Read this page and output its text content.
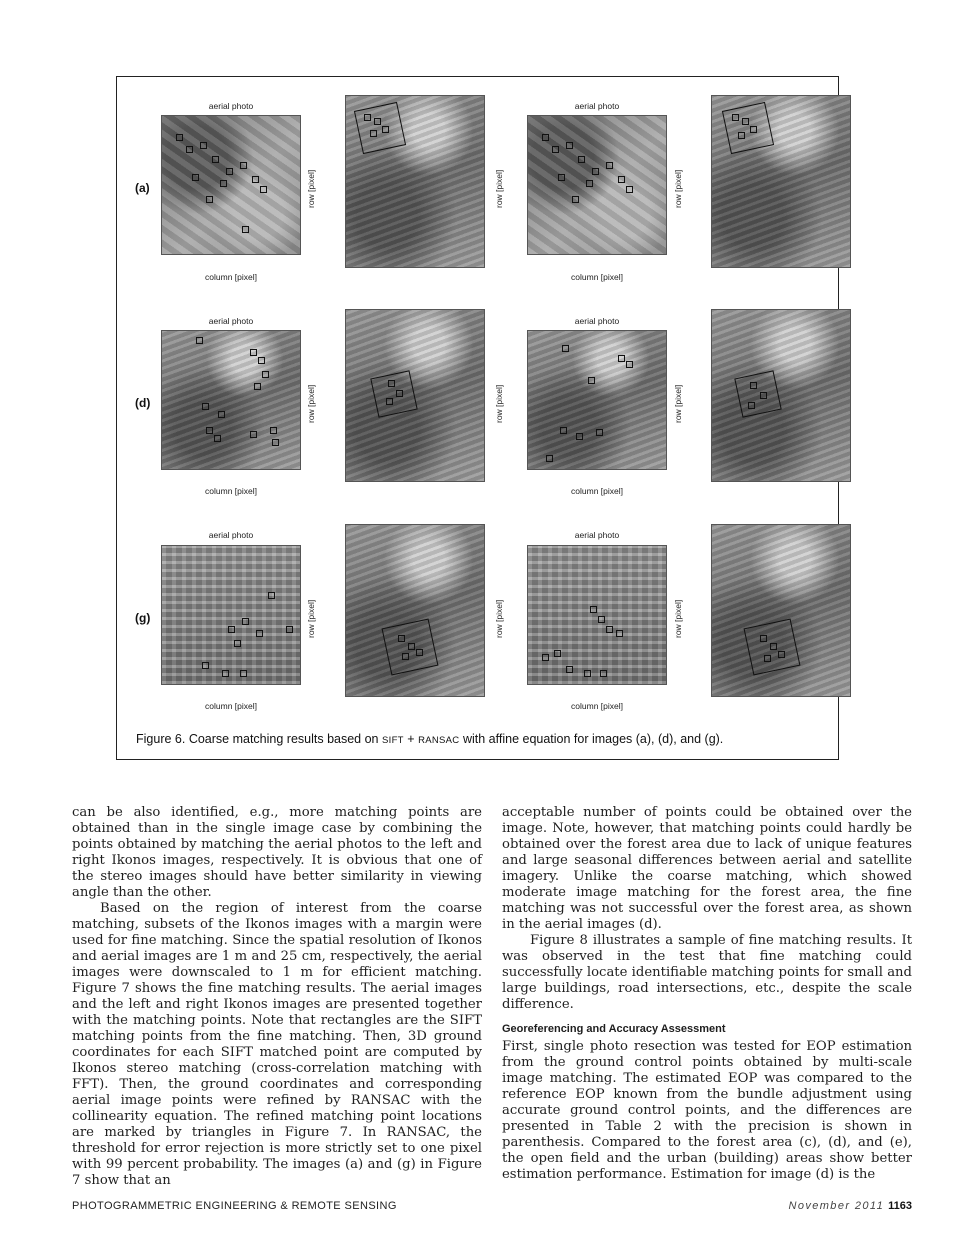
(a)
(d)
(g)
aerial photo
row [pixel]
column [pixel]
row [pixel]
aerial photo
row [pixel]
column [pixel]
aerial photo
row [pixel]
column [pixel]
row [pixel]
aerial photo
row [pixel]
column [pixel]
aerial photo
row [pixel]
column [pixel]
row [pixel]
aerial photo
row [pixel]
column [pixel]
Figure 6. Coarse matching results based on SIFT + RANSAC with affine equation for images (a), (d), and (g).

can be also identified, e.g., more matching points are obtained than in the single image case by combining the points obtained by matching the aerial photos to the left and right Ikonos images, respectively. It is obvious that one of the stereo images should have better similarity in viewing angle than the other.

Based on the region of interest from the coarse matching, subsets of the Ikonos images with a margin were used for fine matching. Since the spatial resolution of Ikonos and aerial images are 1 m and 25 cm, respectively, the aerial images were downscaled to 1 m for efficient matching. Figure 7 shows the fine matching results. The aerial images and the left and right Ikonos images are presented together with the matching points. Note that rectangles are the SIFT matching points from the fine matching. Then, 3D ground coordinates for each SIFT matched point are computed by Ikonos stereo matching (cross-correlation matching with FFT). Then, the ground coordinates and corresponding aerial image points were refined by RANSAC with the collinearity equation. The refined matching point locations are marked by triangles in Figure 7. In RANSAC, the threshold for error rejection is more strictly set to one pixel with 99 percent probability. The images (a) and (g) in Figure 7 show that an

acceptable number of points could be obtained over the image. Note, however, that matching points could hardly be obtained over the forest area due to lack of unique features and large seasonal differences between aerial and satellite imagery. Unlike the coarse matching, which showed moderate image matching for the forest area, the fine matching was not successful over the forest area, as shown in the aerial images (d).

Figure 8 illustrates a sample of fine matching results. It was observed in the test that fine matching could successfully locate identifiable matching points for small and large buildings, road intersections, etc., despite the scale difference.

Georeferencing and Accuracy Assessment

First, single photo resection was tested for EOP estimation from the ground control points obtained by multi-scale image matching. The estimated EOP was compared to the reference EOP known from the bundle adjustment using accurate ground control points, and the differences are presented in Table 2 with the precision is shown in parenthesis. Compared to the forest area (c), (d), and (e), the open field and the urban (building) areas show better estimation performance. Estimation for image (d) is the

PHOTOGRAMMETRIC ENGINEERING & REMOTE SENSING	November 2011 1163
